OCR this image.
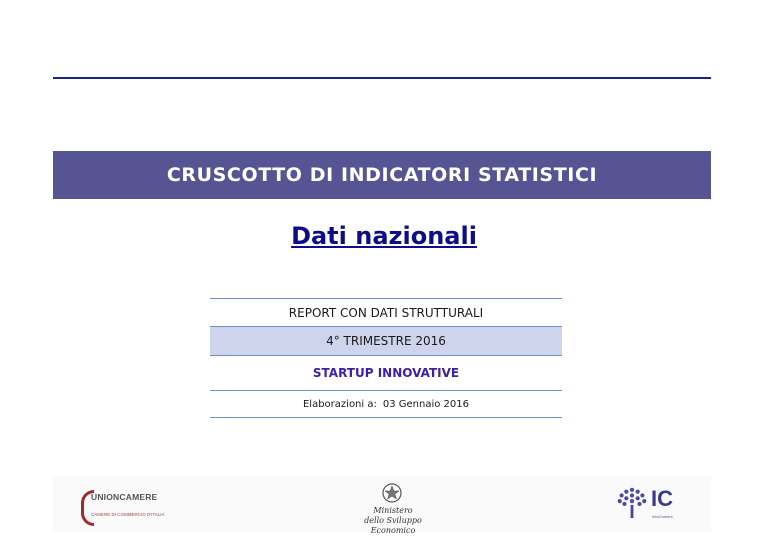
CRUSCOTTO DI INDICATORI STATISTICI
Dati nazionali
REPORT CON DATI STRUTTURALI
4° TRIMESTRE 2016
STARTUP INNOVATIVE
Elaborazioni a: 03 Gennaio 2016
UNIONCAMERE
CAMERE DI COMMERCIO D'ITALIA	Ministero
dello Sviluppo Economico
IC
InfoCamere
